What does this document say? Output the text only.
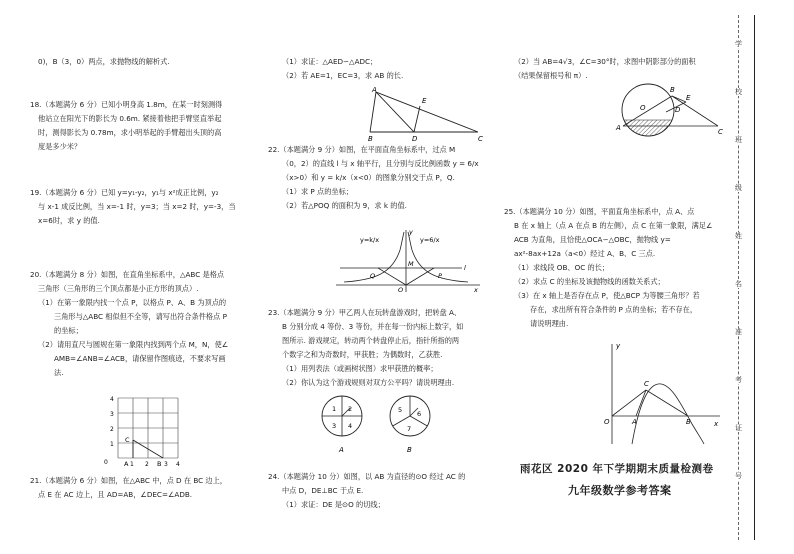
0)，B（3，0）两点，求抛物线的解析式.

18.（本题满分 6 分）已知小明身高 1.8m，在某一时刻测得

他站立在阳光下的影长为 0.6m. 紧接着他把手臂竖直举起

时，测得影长为 0.78m，求小明举起的手臂超出头顶的高

度是多少米？

19.（本题满分 6 分）已知 y=y₁-y₂，y₁与 x²成正比例，y₂

与 x-1 成反比例，当 x=-1 时，y=3；当 x=2 时，y=-3，当

x=6时，求 y 的值.

20.（本题满分 8 分）如图，在直角坐标系中，△ABC 是格点

三角形（三角形的三个顶点都是小正方形的顶点）.

（1）在第一象限内找一个点 P，以格点 P、A、B 为顶点的

三角形与△ABC 相似但不全等，请写出符合条件格点 P

的坐标；

（2）请用直尺与圆规在第一象限内找到两个点 M，N，使∠

AMB=∠ANB=∠ACB，请保留作图痕迹，不要求写画

法.

4
3
2
1
0
C
A 1 2 B 3 4

21.（本题满分 6 分）如图，在△ABC 中，点 D 在 BC 边上，

点 E 在 AC 边上，且 AD=AB，∠DEC=∠ADB.

（1）求证：△AED∽△ADC；

（2）若 AE=1，EC=3，求 AB 的长.

A
E
B	D	C

22.（本题满分 9 分）如图，在平面直角坐标系中，过点 M

（0，2）的直线 l 与 x 轴平行，且分别与反比例函数 y = 6/x

（x>0）和 y = k/x（x<0）的图象分别交于点 P，Q.

（1）求 P 点的坐标；

（2）若△POQ 的面积为 9，求 k 的值.

y=k/x	y=6/x
y
x
M
Q	P
O
l

23.（本题满分 9 分）甲乙两人在玩转盘游戏时，把转盘 A、

B 分别分成 4 等份、3 等份，并在每一份内标上数字，如

图所示. 游戏规定，转动两个转盘停止后，指针所指的两

个数字之和为奇数时，甲获胜；为偶数时，乙获胜.

（1）用列表法（或画树状图）求甲获胜的概率；

（2）你认为这个游戏规则对双方公平吗？请说明理由.

1 2
3 4
A
5 6
7
B

24.（本题满分 10 分）如图，以 AB 为直径的⊙O 经过 AC 的

中点 D，DE⊥BC 于点 E.

（1）求证：DE 是⊙O 的切线；

（2）当 AB=4√3，∠C=30°时，求图中阴影部分的面积

（结果保留根号和 π）.

O
B
E
D
A	C

25.（本题满分 10 分）如图，平面直角坐标系中，点 A、点

B 在 x 轴上（点 A 在点 B 的左侧），点 C 在第一象限，满足∠

ACB 为直角，且恰使△OCA∽△OBC，抛物线 y=

ax²-8ax+12a（a<0）经过 A、B、C 三点.

（1）求线段 OB、OC 的长；

（2）求点 C 的坐标及该抛物线的函数关系式；

（3）在 x 轴上是否存在点 P，使△BCP 为等腰三角形？若

存在，求出所有符合条件的 P 点的坐标；若不存在，

请说明理由.

y
C
O	A	B	x
雨花区 2020 年下学期期末质量检测卷
九年级数学参考答案
学
校
班
级
姓
名
准
考
证
号
